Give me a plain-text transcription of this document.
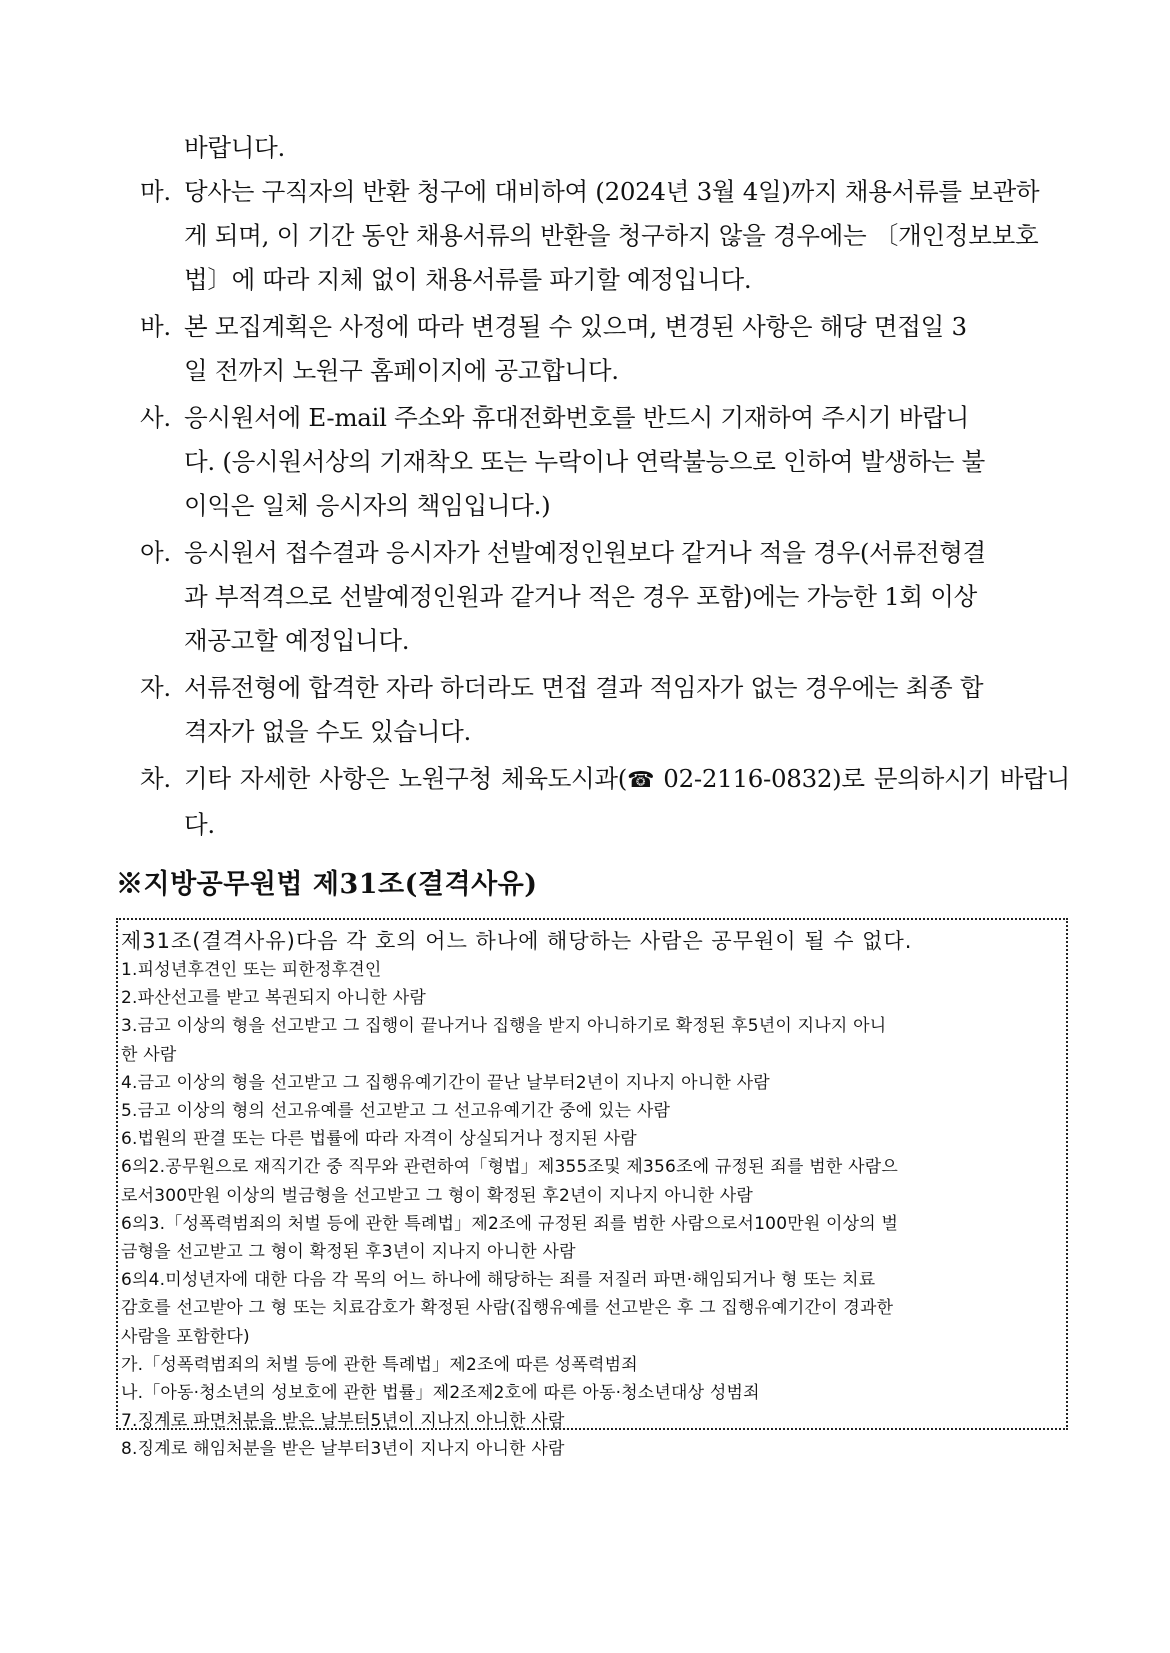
바랍니다.
마. 당사는 구직자의 반환 청구에 대비하여 (2024년 3월 4일)까지 채용서류를 보관하
게 되며, 이 기간 동안 채용서류의 반환을 청구하지 않을 경우에는 〔개인정보보호
법〕에 따라 지체 없이 채용서류를 파기할 예정입니다.
바. 본 모집계획은 사정에 따라 변경될 수 있으며, 변경된 사항은 해당 면접일 3
일 전까지 노원구 홈페이지에 공고합니다.
사. 응시원서에 E-mail 주소와 휴대전화번호를 반드시 기재하여 주시기 바랍니
다. (응시원서상의 기재착오 또는 누락이나 연락불능으로 인하여 발생하는 불
이익은 일체 응시자의 책임입니다.)
아. 응시원서 접수결과 응시자가 선발예정인원보다 같거나 적을 경우(서류전형결
과 부적격으로 선발예정인원과 같거나 적은 경우 포함)에는 가능한 1회 이상
재공고할 예정입니다.
자. 서류전형에 합격한 자라 하더라도 면접 결과 적임자가 없는 경우에는 최종 합
격자가 없을 수도 있습니다.
차. 기타 자세한 사항은 노원구청 체육도시과(☎ 02-2116-0832)로 문의하시기 바랍니다.
※지방공무원법 제31조(결격사유)
제31조(결격사유)다음 각 호의 어느 하나에 해당하는 사람은 공무원이 될 수 없다.
1.피성년후견인 또는 피한정후견인
2.파산선고를 받고 복권되지 아니한 사람
3.금고 이상의 형을 선고받고 그 집행이 끝나거나 집행을 받지 아니하기로 확정된 후5년이 지나지 아니
한 사람
4.금고 이상의 형을 선고받고 그 집행유예기간이 끝난 날부터2년이 지나지 아니한 사람
5.금고 이상의 형의 선고유예를 선고받고 그 선고유예기간 중에 있는 사람
6.법원의 판결 또는 다른 법률에 따라 자격이 상실되거나 정지된 사람
6의2.공무원으로 재직기간 중 직무와 관련하여「형법」제355조및 제356조에 규정된 죄를 범한 사람으
로서300만원 이상의 벌금형을 선고받고 그 형이 확정된 후2년이 지나지 아니한 사람
6의3.「성폭력범죄의 처벌 등에 관한 특례법」제2조에 규정된 죄를 범한 사람으로서100만원 이상의 벌
금형을 선고받고 그 형이 확정된 후3년이 지나지 아니한 사람
6의4.미성년자에 대한 다음 각 목의 어느 하나에 해당하는 죄를 저질러 파면·해임되거나 형 또는 치료
감호를 선고받아 그 형 또는 치료감호가 확정된 사람(집행유예를 선고받은 후 그 집행유예기간이 경과한
사람을 포함한다)
가.「성폭력범죄의 처벌 등에 관한 특례법」제2조에 따른 성폭력범죄
나.「아동·청소년의 성보호에 관한 법률」제2조제2호에 따른 아동·청소년대상 성범죄
7.징계로 파면처분을 받은 날부터5년이 지나지 아니한 사람
8.징계로 해임처분을 받은 날부터3년이 지나지 아니한 사람
